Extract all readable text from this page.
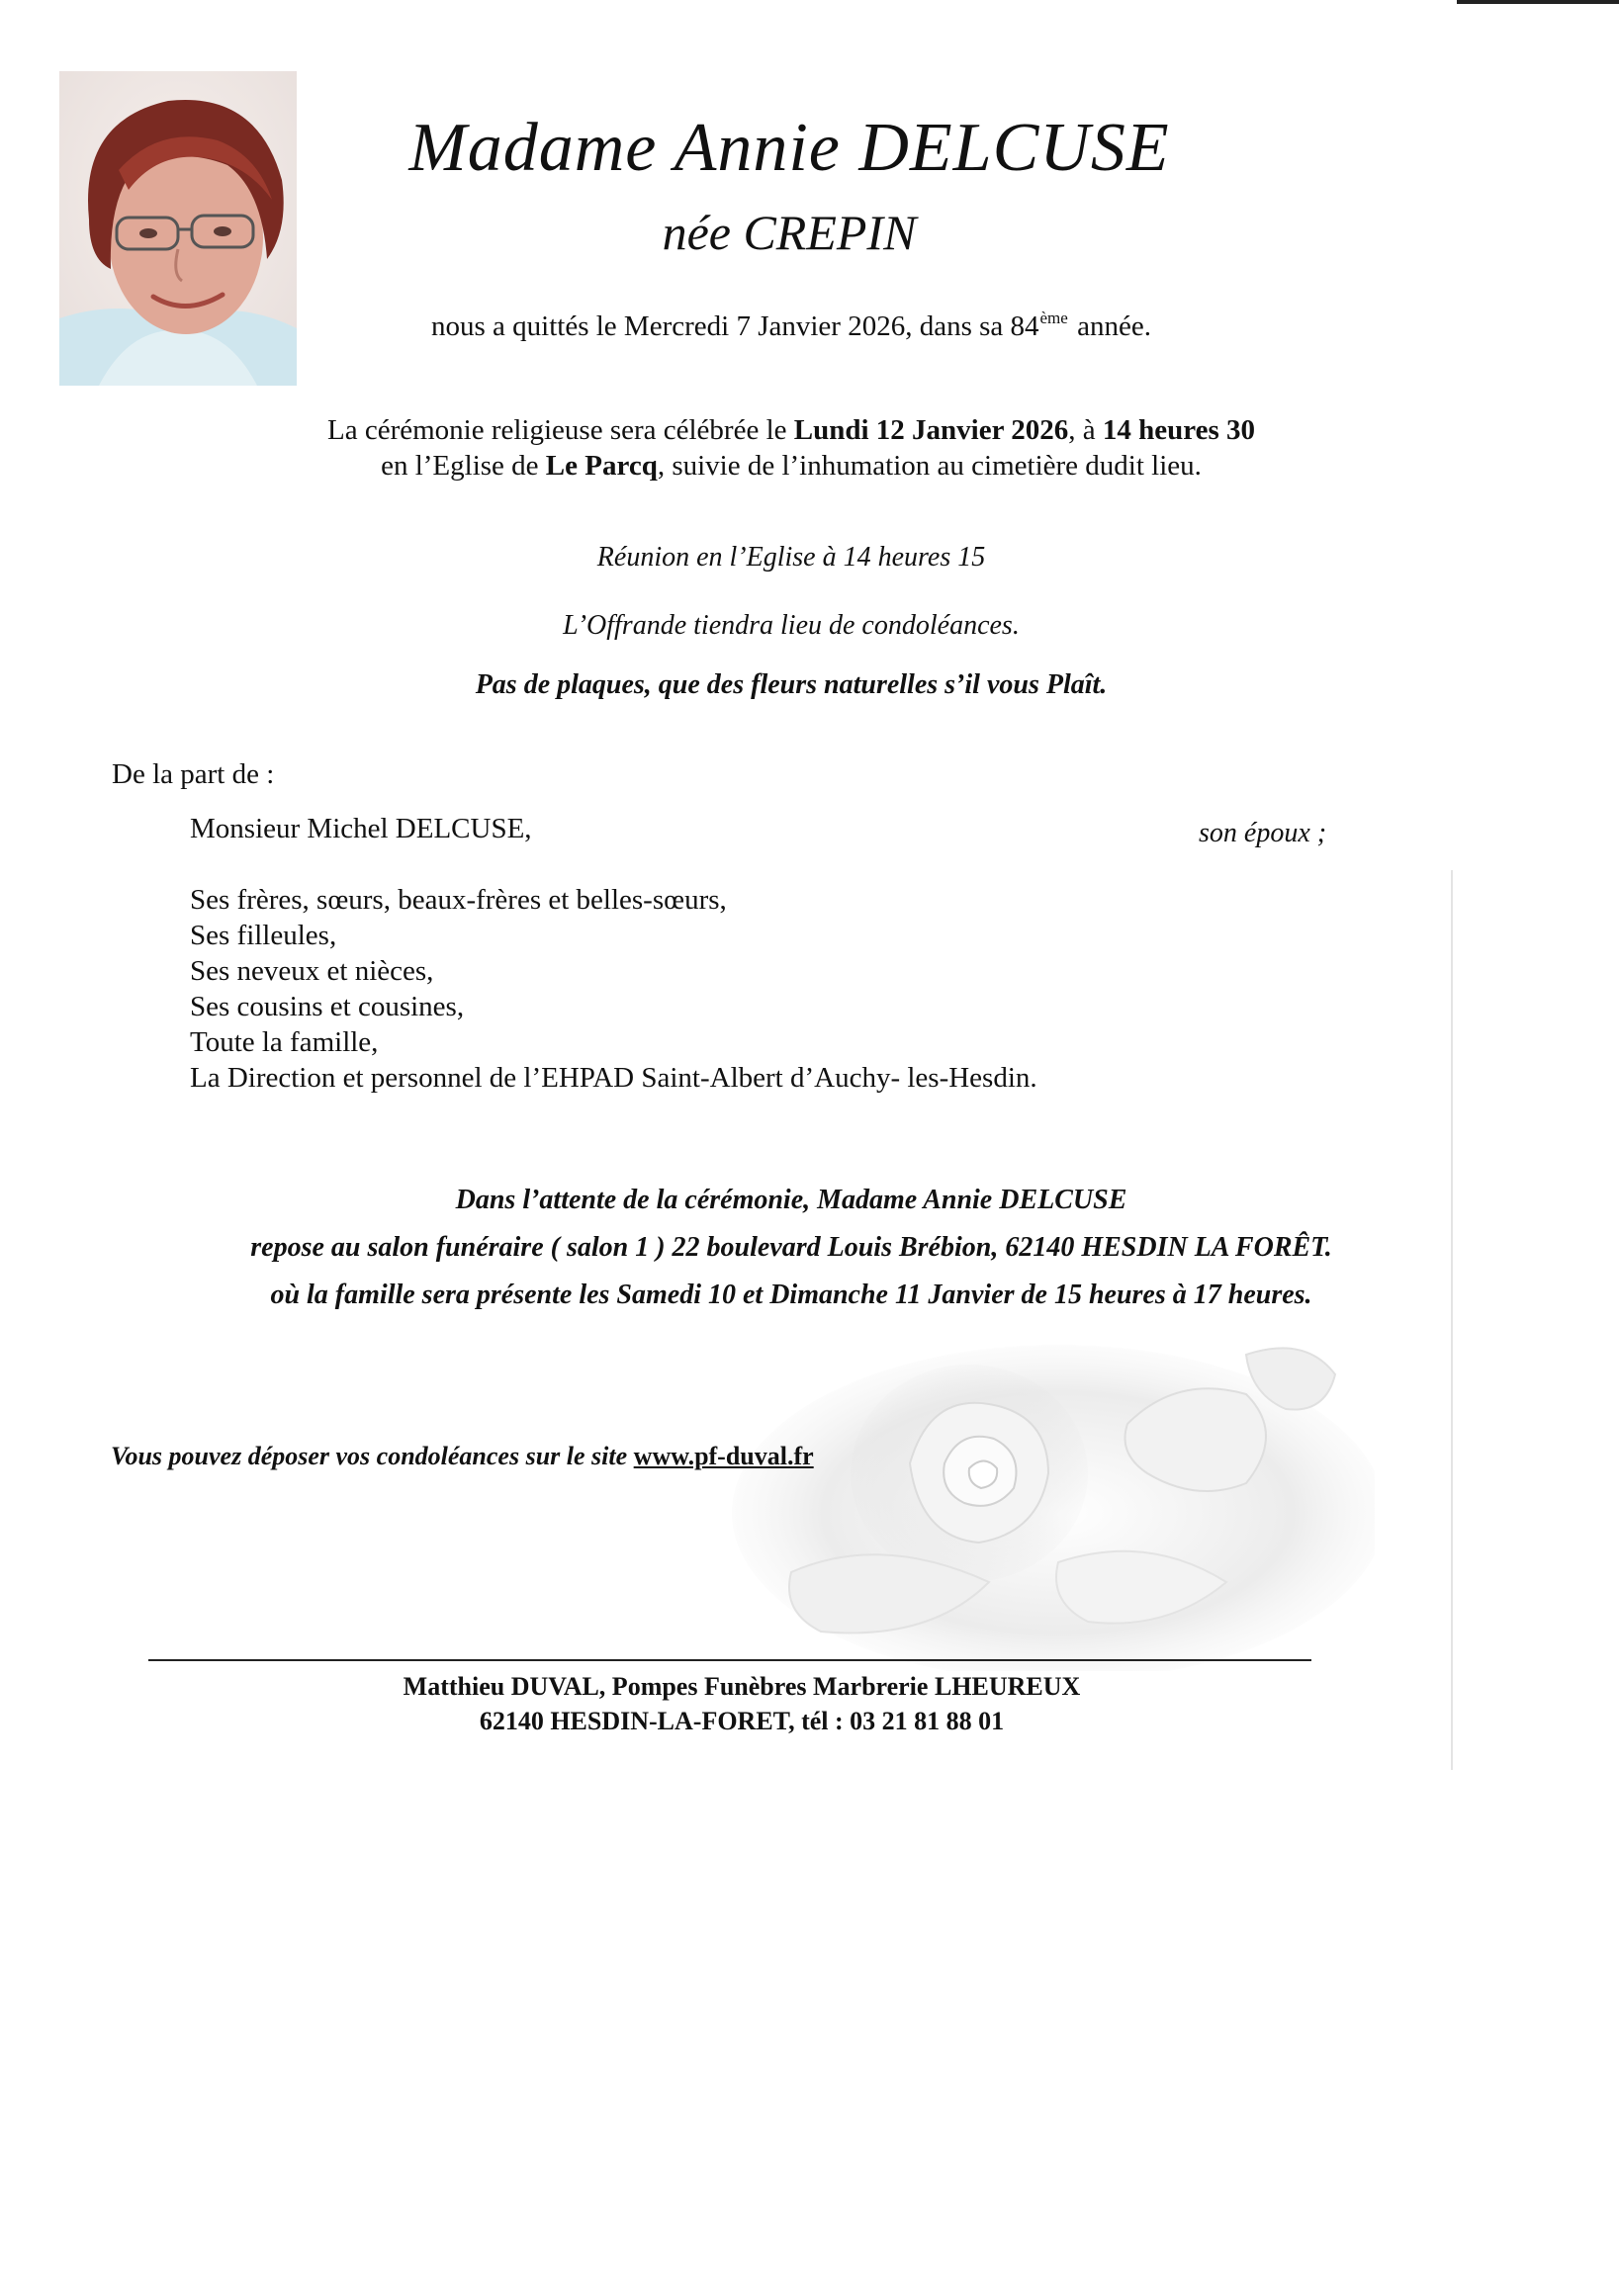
Madame Annie DELCUSE
née CREPIN
nous a quittés le Mercredi 7 Janvier 2026, dans sa 84ème année.
La cérémonie religieuse sera célébrée le Lundi 12 Janvier 2026, à 14 heures 30
en l’Eglise de Le Parcq, suivie de l’inhumation au cimetière dudit lieu.
Réunion en l’Eglise à 14 heures 15
L’Offrande tiendra lieu de condoléances.
Pas de plaques, que des fleurs naturelles s’il vous Plaît.
De la part de :
Monsieur Michel DELCUSE,	son époux ;
Ses frères, sœurs, beaux-frères et belles-sœurs,
Ses filleules,
Ses neveux et nièces,
Ses cousins et cousines,
Toute la famille,
La Direction et personnel de l’EHPAD Saint-Albert d’Auchy- les-Hesdin.
Dans l’attente de la cérémonie, Madame Annie DELCUSE
repose au salon funéraire ( salon 1 ) 22 boulevard Louis Brébion, 62140 HESDIN LA FORÊT.
où la famille sera présente les Samedi 10 et Dimanche 11 Janvier de 15 heures à 17 heures.
Vous pouvez déposer vos condoléances sur le site www.pf-duval.fr
Matthieu DUVAL, Pompes Funèbres Marbrerie LHEUREUX
62140 HESDIN-LA-FORET, tél : 03 21 81 88 01
